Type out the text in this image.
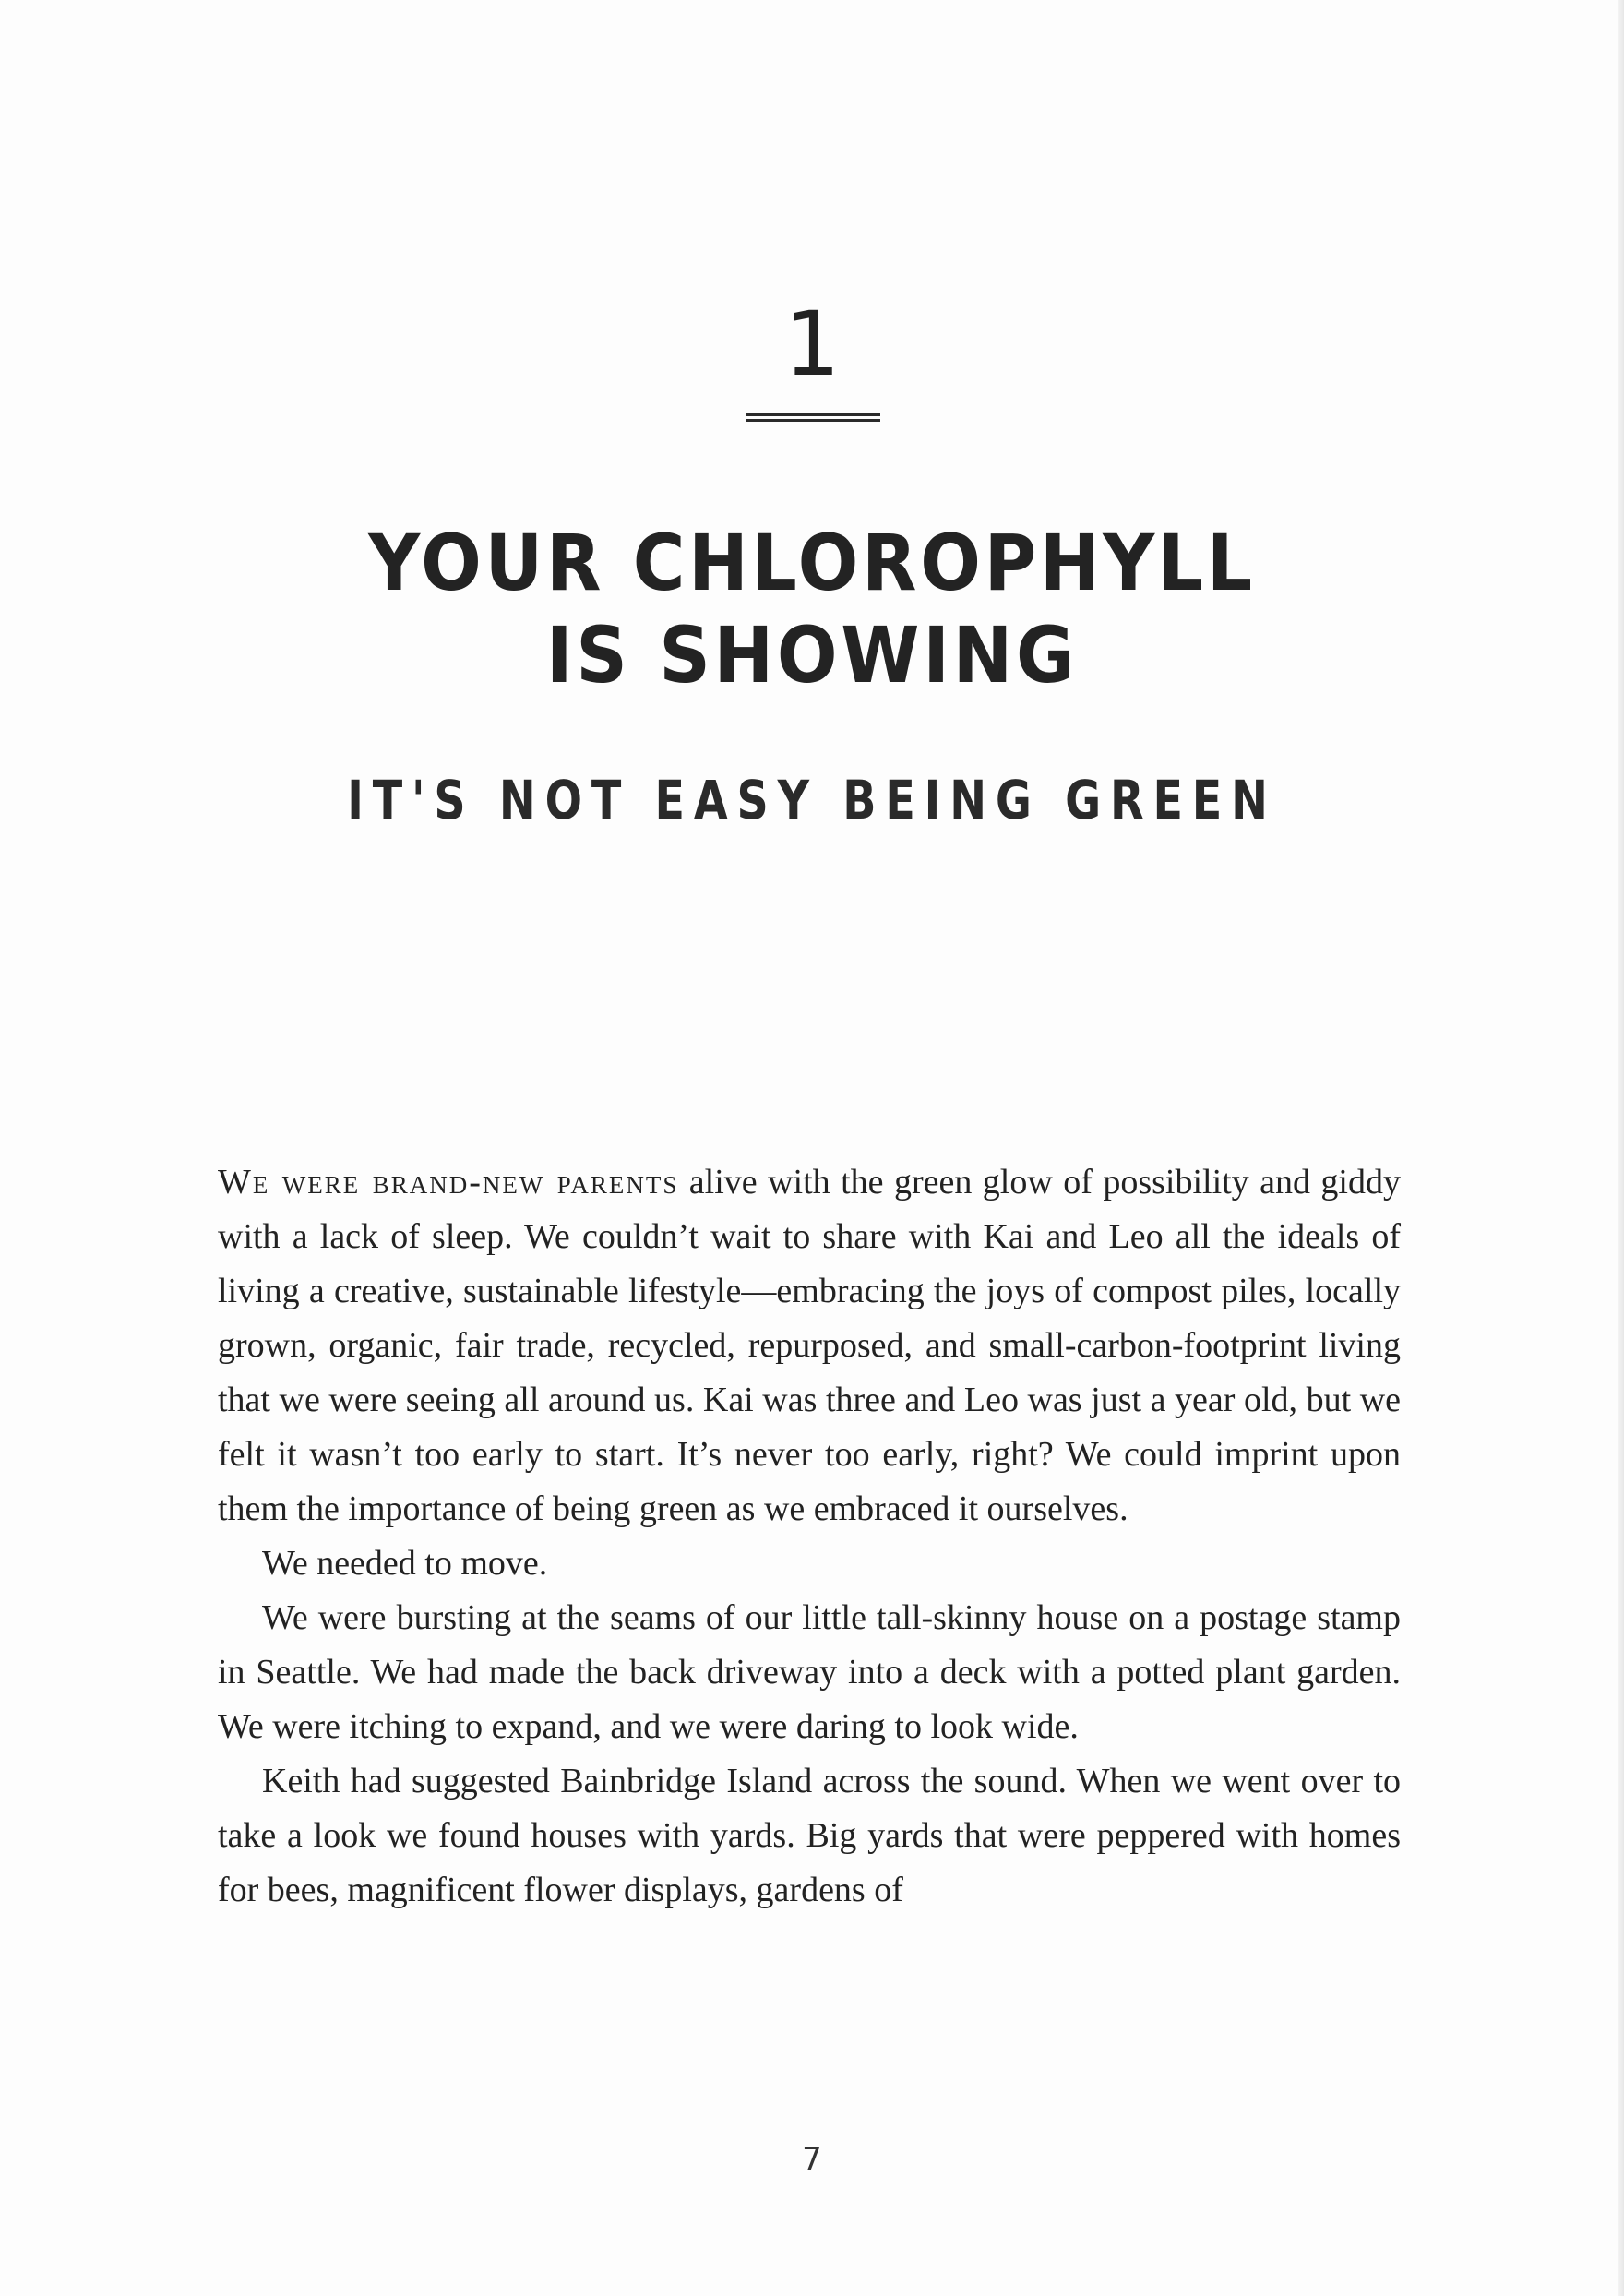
1
YOUR CHLOROPHYLL
IS SHOWING
IT'S NOT EASY BEING GREEN

We were brand-new parents alive with the green glow of possibility and giddy with a lack of sleep. We couldn’t wait to share with Kai and Leo all the ideals of living a creative, sustainable lifestyle—embracing the joys of compost piles, locally grown, organic, fair trade, recycled, repurposed, and small-carbon-footprint living that we were seeing all around us. Kai was three and Leo was just a year old, but we felt it wasn’t too early to start. It’s never too early, right? We could imprint upon them the importance of being green as we embraced it ourselves.

We needed to move.

We were bursting at the seams of our little tall-skinny house on a postage stamp in Seattle. We had made the back driveway into a deck with a potted plant garden. We were itching to expand, and we were daring to look wide.

Keith had suggested Bainbridge Island across the sound. When we went over to take a look we found houses with yards. Big yards that were peppered with homes for bees, magnificent flower displays, gardens of

7
